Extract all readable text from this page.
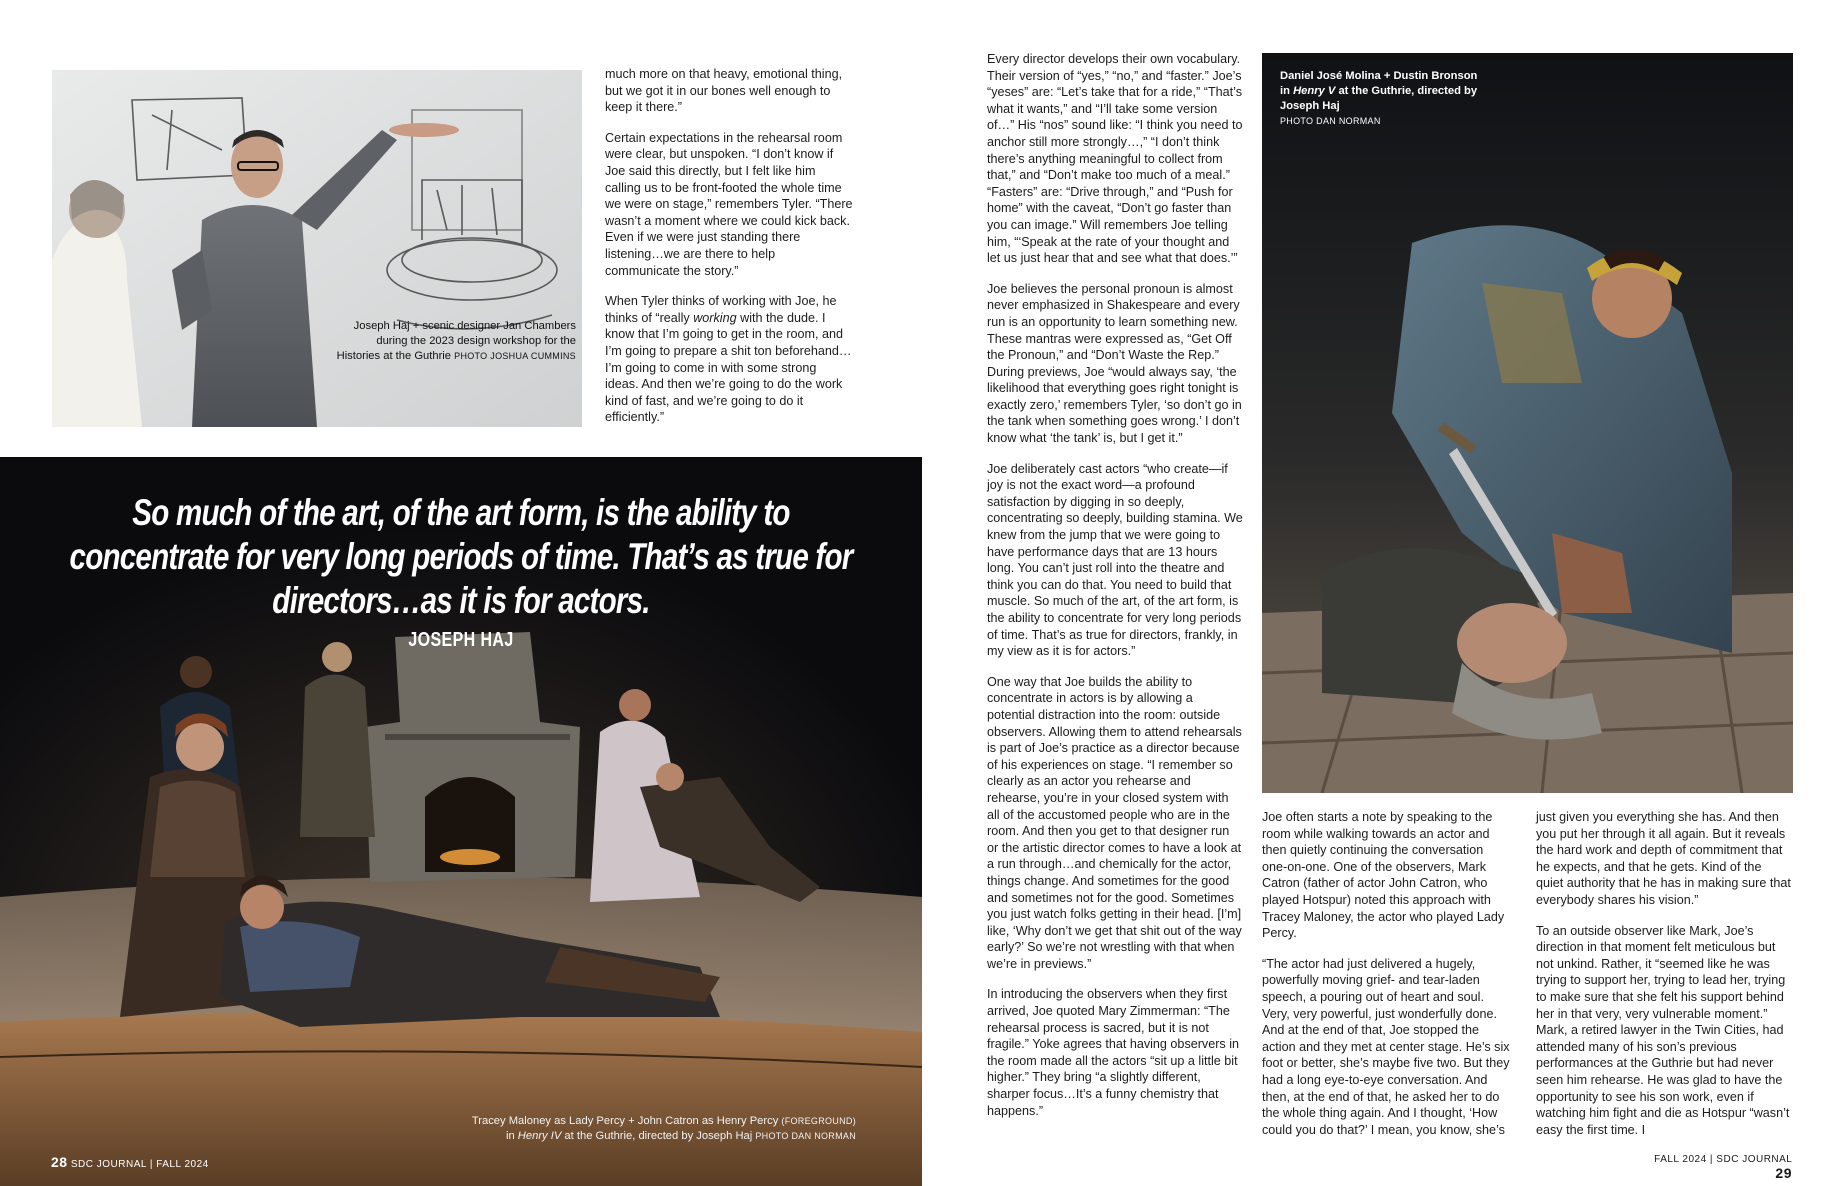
Joseph Haj + scenic designer Jan Chambers during the 2023 design workshop for the Histories at the Guthrie PHOTO JOSHUA CUMMINS

much more on that heavy, emotional thing, but we got it in our bones well enough to keep it there.”

Certain expectations in the rehearsal room were clear, but unspoken. “I don’t know if Joe said this directly, but I felt like him calling us to be front-footed the whole time we were on stage,” remembers Tyler. “There wasn’t a moment where we could kick back. Even if we were just standing there listening…we are there to help communicate the story.”

When Tyler thinks of working with Joe, he thinks of “really working with the dude. I know that I’m going to get in the room, and I’m going to prepare a shit ton beforehand…I’m going to come in with some strong ideas. And then we’re going to do the work kind of fast, and we’re going to do it efficiently.”

So much of the art, of the art form, is the ability to concentrate for very long periods of time. That’s as true for directors…as it is for actors.
JOSEPH HAJ
Tracey Maloney as Lady Percy + John Catron as Henry Percy (FOREGROUND)
in Henry IV at the Guthrie, directed by Joseph Haj PHOTO DAN NORMAN
28 SDC JOURNAL | FALL 2024

Every director develops their own vocabulary. Their version of “yes,” “no,” and “faster.” Joe’s “yeses” are: “Let’s take that for a ride,” “That’s what it wants,” and “I’ll take some version of…” His “nos” sound like: “I think you need to anchor still more strongly…,” “I don’t think there’s anything meaningful to collect from that,” and “Don’t make too much of a meal.” “Fasters” are: “Drive through,” and “Push for home” with the caveat, “Don’t go faster than you can image.” Will remembers Joe telling him, “‘Speak at the rate of your thought and let us just hear that and see what that does.’”

Joe believes the personal pronoun is almost never emphasized in Shakespeare and every run is an opportunity to learn something new. These mantras were expressed as, “Get Off the Pronoun,” and “Don’t Waste the Rep.” During previews, Joe “would always say, ‘the likelihood that everything goes right tonight is exactly zero,’ remembers Tyler, ‘so don’t go in the tank when something goes wrong.’ I don’t know what ‘the tank’ is, but I get it.”

Joe deliberately cast actors “who create—if joy is not the exact word—a profound satisfaction by digging in so deeply, concentrating so deeply, building stamina. We knew from the jump that we were going to have performance days that are 13 hours long. You can’t just roll into the theatre and think you can do that. You need to build that muscle. So much of the art, of the art form, is the ability to concentrate for very long periods of time. That’s as true for directors, frankly, in my view as it is for actors.”

One way that Joe builds the ability to concentrate in actors is by allowing a potential distraction into the room: outside observers. Allowing them to attend rehearsals is part of Joe’s practice as a director because of his experiences on stage. “I remember so clearly as an actor you rehearse and rehearse, you’re in your closed system with all of the accustomed people who are in the room. And then you get to that designer run or the artistic director comes to have a look at a run through…and chemically for the actor, things change. And sometimes for the good and sometimes not for the good. Sometimes you just watch folks getting in their head. [I’m] like, ‘Why don’t we get that shit out of the way early?’ So we’re not wrestling with that when we’re in previews.”

In introducing the observers when they first arrived, Joe quoted Mary Zimmerman: “The rehearsal process is sacred, but it is not fragile.” Yoke agrees that having observers in the room made all the actors “sit up a little bit higher.” They bring “a slightly different, sharper focus…It’s a funny chemistry that happens.”

Daniel José Molina + Dustin Bronson in Henry V at the Guthrie, directed by Joseph Haj
PHOTO DAN NORMAN

Joe often starts a note by speaking to the room while walking towards an actor and then quietly continuing the conversation one-on-one. One of the observers, Mark Catron (father of actor John Catron, who played Hotspur) noted this approach with Tracey Maloney, the actor who played Lady Percy.

“The actor had just delivered a hugely, powerfully moving grief- and tear-laden speech, a pouring out of heart and soul. Very, very powerful, just wonderfully done. And at the end of that, Joe stopped the action and they met at center stage. He’s six foot or better, she’s maybe five two. But they had a long eye-to-eye conversation. And then, at the end of that, he asked her to do the whole thing again. And I thought, ‘How could you do that?’ I mean, you know, she’s

just given you everything she has. And then you put her through it all again. But it reveals the hard work and depth of commitment that he expects, and that he gets. Kind of the quiet authority that he has in making sure that everybody shares his vision.”

To an outside observer like Mark, Joe’s direction in that moment felt meticulous but not unkind. Rather, it “seemed like he was trying to support her, trying to lead her, trying to make sure that she felt his support behind her in that very, very vulnerable moment.” Mark, a retired lawyer in the Twin Cities, had attended many of his son’s previous performances at the Guthrie but had never seen him rehearse. He was glad to have the opportunity to see his son work, even if watching him fight and die as Hotspur “wasn’t easy the first time. I

FALL 2024 | SDC JOURNAL 29
